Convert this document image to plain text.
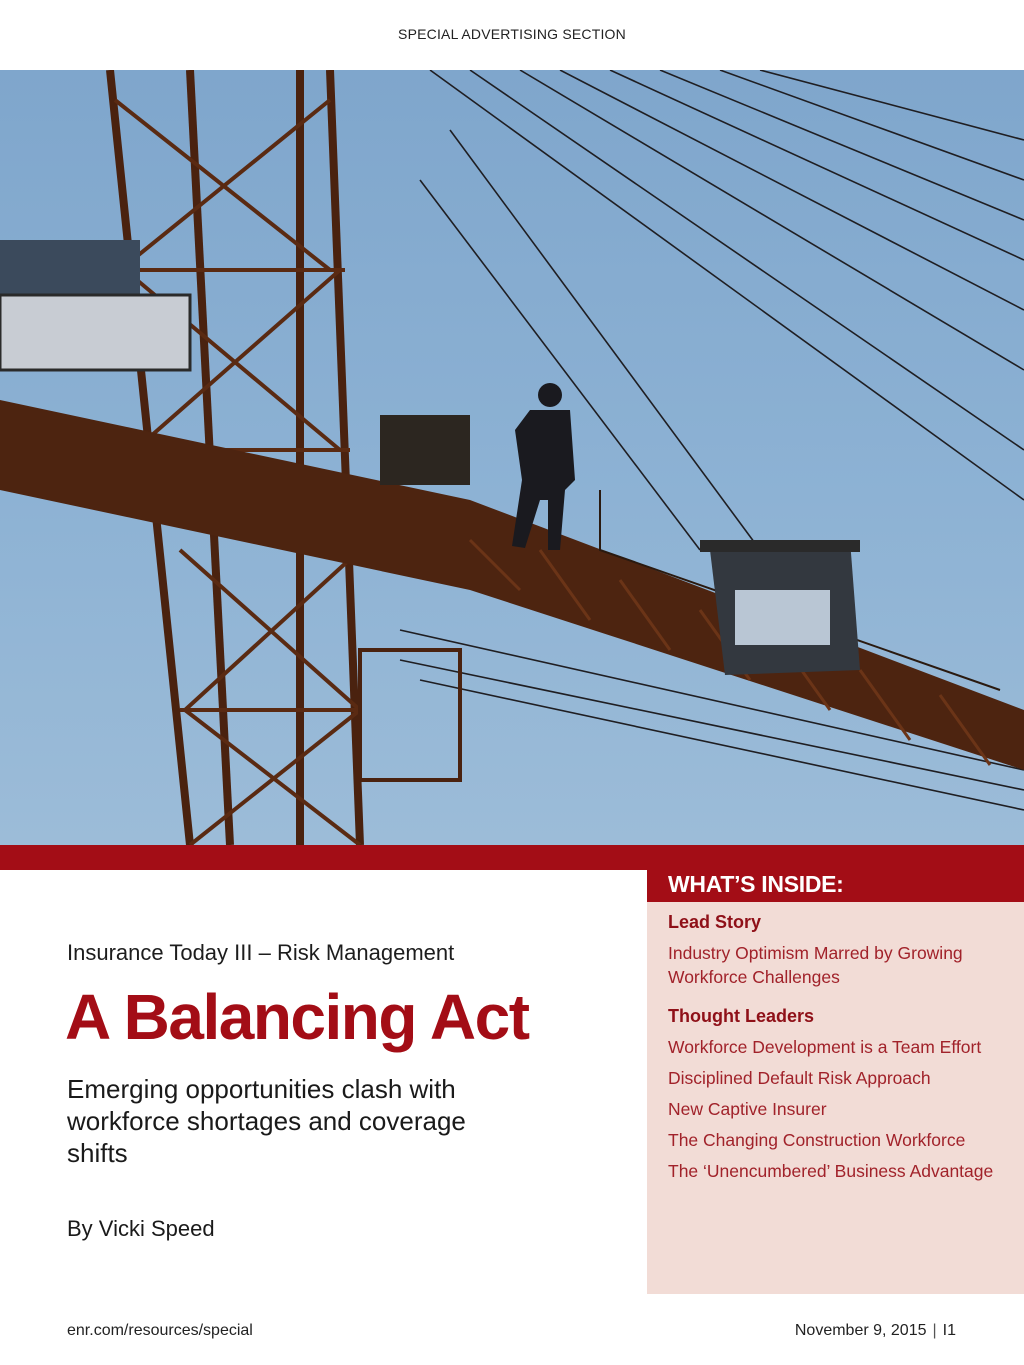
SPECIAL ADVERTISING SECTION
WHAT’S INSIDE:
Lead Story
Industry Optimism Marred by Growing Workforce Challenges
Thought Leaders
Workforce Development is a Team Effort
Disciplined Default Risk Approach
New Captive Insurer
The Changing Construction Workforce
The ‘Unencumbered’ Business Advantage
Insurance Today III – Risk Management
A Balancing Act
Emerging opportunities clash with workforce shortages and coverage shifts
By Vicki Speed
enr.com/resources/special	November 9, 2015 | I1
